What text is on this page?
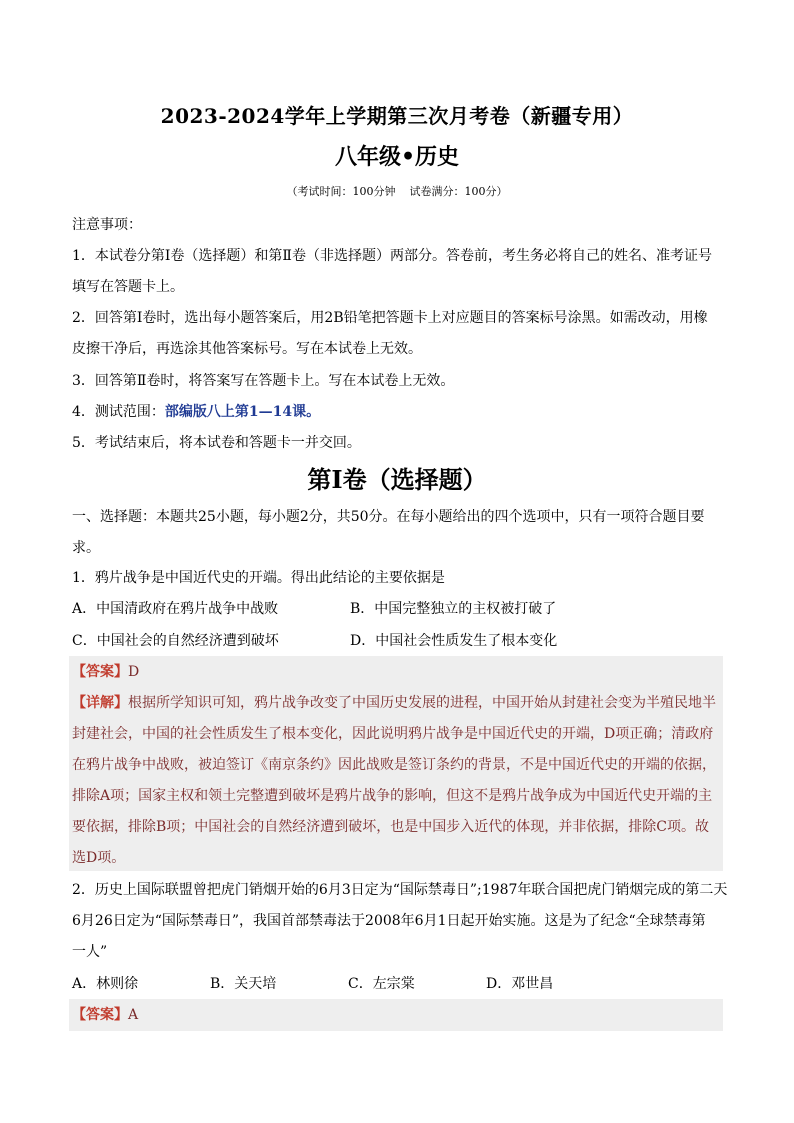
2023-2024学年上学期第三次月考卷（新疆专用）
八年级•历史
（考试时间：100分钟    试卷满分：100分）
注意事项：
1．本试卷分第Ⅰ卷（选择题）和第Ⅱ卷（非选择题）两部分。答卷前，考生务必将自己的姓名、准考证号
填写在答题卡上。
2．回答第Ⅰ卷时，选出每小题答案后，用2B铅笔把答题卡上对应题目的答案标号涂黑。如需改动，用橡
皮擦干净后，再选涂其他答案标号。写在本试卷上无效。
3．回答第Ⅱ卷时，将答案写在答题卡上。写在本试卷上无效。
4．测试范围：部编版八上第1—14课。
5．考试结束后，将本试卷和答题卡一并交回。
第Ⅰ卷（选择题）
一、选择题：本题共25小题，每小题2分，共50分。在每小题给出的四个选项中，只有一项符合题目要
求。
1．鸦片战争是中国近代史的开端。得出此结论的主要依据是
A．中国清政府在鸦片战争中战败	B．中国完整独立的主权被打破了
C．中国社会的自然经济遭到破坏	D．中国社会性质发生了根本变化
【答案】D
【详解】根据所学知识可知，鸦片战争改变了中国历史发展的进程，中国开始从封建社会变为半殖民地半
封建社会，中国的社会性质发生了根本变化，因此说明鸦片战争是中国近代史的开端，D项正确；清政府
在鸦片战争中战败，被迫签订《南京条约》因此战败是签订条约的背景，不是中国近代史的开端的依据，
排除A项；国家主权和领土完整遭到破坏是鸦片战争的影响，但这不是鸦片战争成为中国近代史开端的主
要依据，排除B项；中国社会的自然经济遭到破坏，也是中国步入近代的体现，并非依据，排除C项。故
选D项。
2．历史上国际联盟曾把虎门销烟开始的6月3日定为“国际禁毒日”;1987年联合国把虎门销烟完成的第二天
6月26日定为“国际禁毒日”，我国首部禁毒法于2008年6月1日起开始实施。这是为了纪念“全球禁毒第
一人”
A．林则徐	B．关天培	C．左宗棠	D．邓世昌
【答案】A
